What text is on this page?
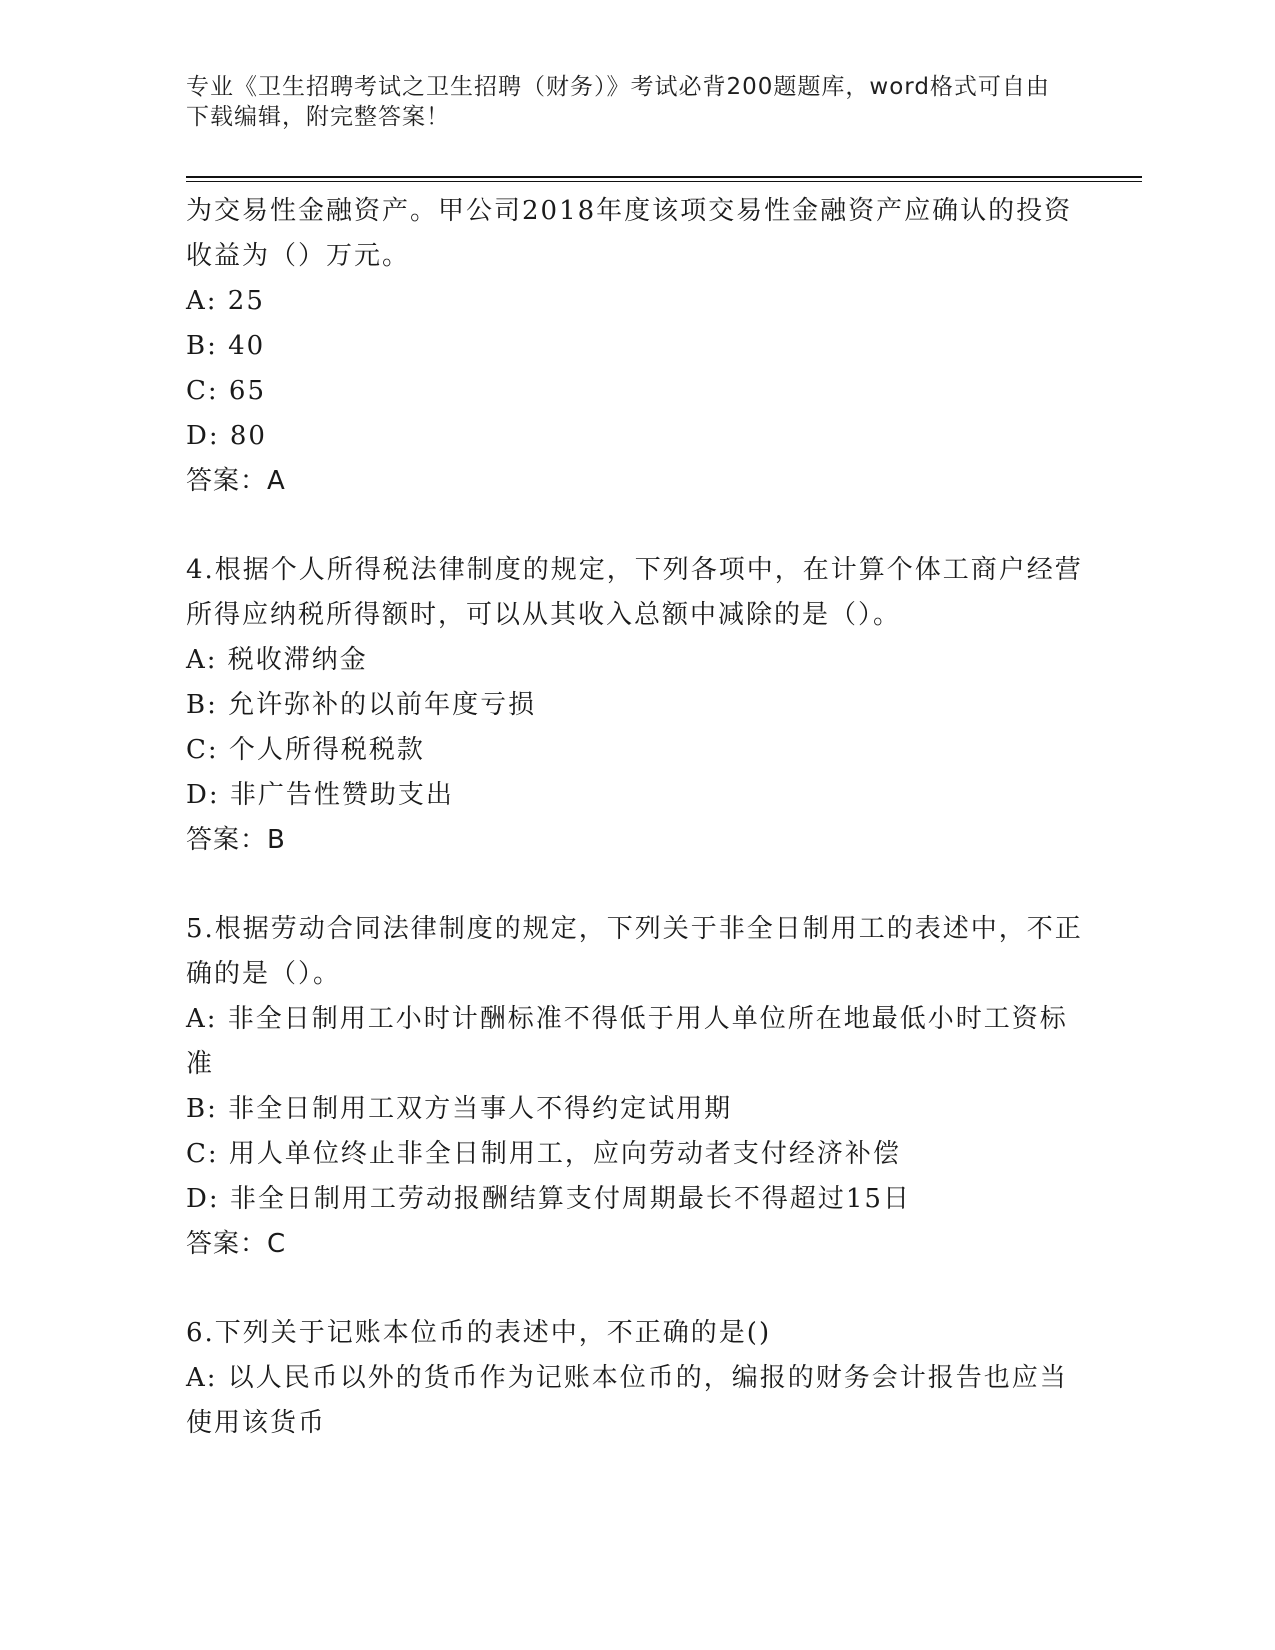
专业《卫生招聘考试之卫生招聘（财务）》考试必背200题题库，word格式可自由下载编辑，附完整答案！
为交易性金融资产。甲公司2018年度该项交易性金融资产应确认的投资收益为（）万元。
A: 25
B: 40
C: 65
D: 80
答案：A
4.根据个人所得税法律制度的规定，下列各项中，在计算个体工商户经营所得应纳税所得额时，可以从其收入总额中减除的是（）。
A: 税收滞纳金
B: 允许弥补的以前年度亏损
C: 个人所得税税款
D: 非广告性赞助支出
答案：B
5.根据劳动合同法律制度的规定，下列关于非全日制用工的表述中，不正确的是（）。
A: 非全日制用工小时计酬标准不得低于用人单位所在地最低小时工资标准
B: 非全日制用工双方当事人不得约定试用期
C: 用人单位终止非全日制用工，应向劳动者支付经济补偿
D: 非全日制用工劳动报酬结算支付周期最长不得超过15日
答案：C
6.下列关于记账本位币的表述中，不正确的是()
A: 以人民币以外的货币作为记账本位币的，编报的财务会计报告也应当使用该货币
